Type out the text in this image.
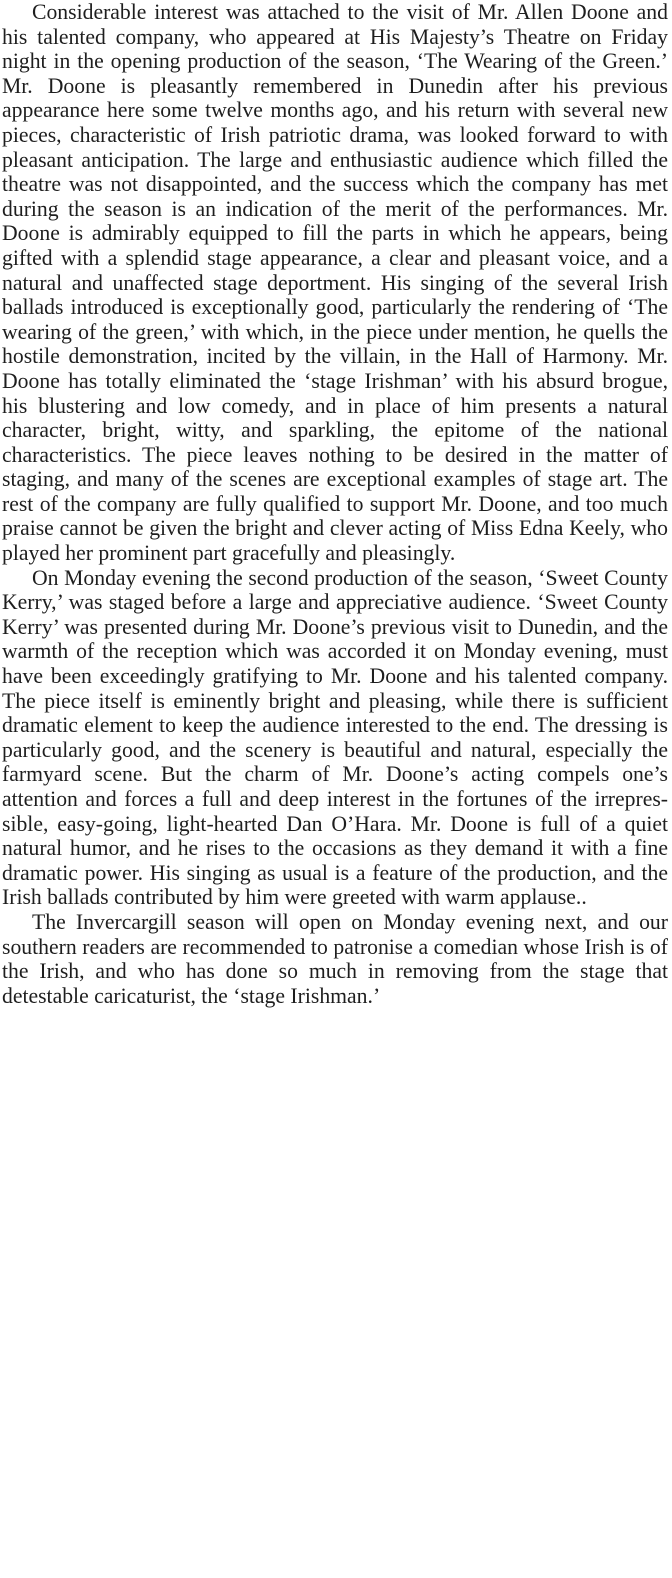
Considerable interest was attached to the visit of Mr. Allen Doone and his talented company, who appeared at His Majesty’s Theatre on Friday night in the opening production of the season, ‘The Wearing of the Green.’ Mr. Doone is pleasantly remembered in Dunedin after his previous appearance here some twelve months ago, and his return with several new pieces, characteristic of Irish patriotic drama, was looked forward to with pleasant anticipation. The large and enthusiastic audience which filled the theatre was not disappointed, and the success which the company has met during the season is an indication of the merit of the performances. Mr. Doone is admirably equipped to fill the parts in which he appears, being gifted with a splendid stage appearance, a clear and pleasant voice, and a natural and unaffected stage deportment. His singing of the several Irish ballads introduced is exceptionally good, particularly the rendering of ‘The wearing of the green,’ with which, in the piece under mention, he quells the hostile demonstration, incited by the villain, in the Hall of Harmony. Mr. Doone has totally eliminated the ‘stage Irishman’ with his absurd brogue, his blustering and low comedy, and in place of him presents a natural character, bright, witty, and sparkling, the epitome of the national characteristics. The piece leaves nothing to be desired in the matter of staging, and many of the scenes are exceptional examples of stage art. The rest of the company are fully qualified to support Mr. Doone, and too much praise cannot be given the bright and clever acting of Miss Edna Keely, who played her prominent part gracefully and pleasingly.

On Monday evening the second production of the season, ‘Sweet County Kerry,’ was staged before a large and appreciative audience. ‘Sweet County Kerry’ was presented during Mr. Doone’s previous visit to Dunedin, and the warmth of the reception which was accorded it on Monday evening, must have been exceedingly gratifying to Mr. Doone and his talented company. The piece itself is eminently bright and pleasing, while there is sufficient dramatic element to keep the audience interested to the end. The dressing is particularly good, and the scenery is beautiful and natural, especially the farmyard scene. But the charm of Mr. Doone’s acting compels one’s attention and forces a full and deep interest in the fortunes of the irrepressible, easy-going, light-hearted Dan O’Hara. Mr. Doone is full of a quiet natural humor, and he rises to the occasions as they demand it with a fine dramatic power. His singing as usual is a feature of the production, and the Irish ballads contributed by him were greeted with warm applause..

The Invercargill season will open on Monday evening next, and our southern readers are recommended to patronise a comedian whose Irish is of the Irish, and who has done so much in removing from the stage that detestable caricaturist, the ‘stage Irishman.’
